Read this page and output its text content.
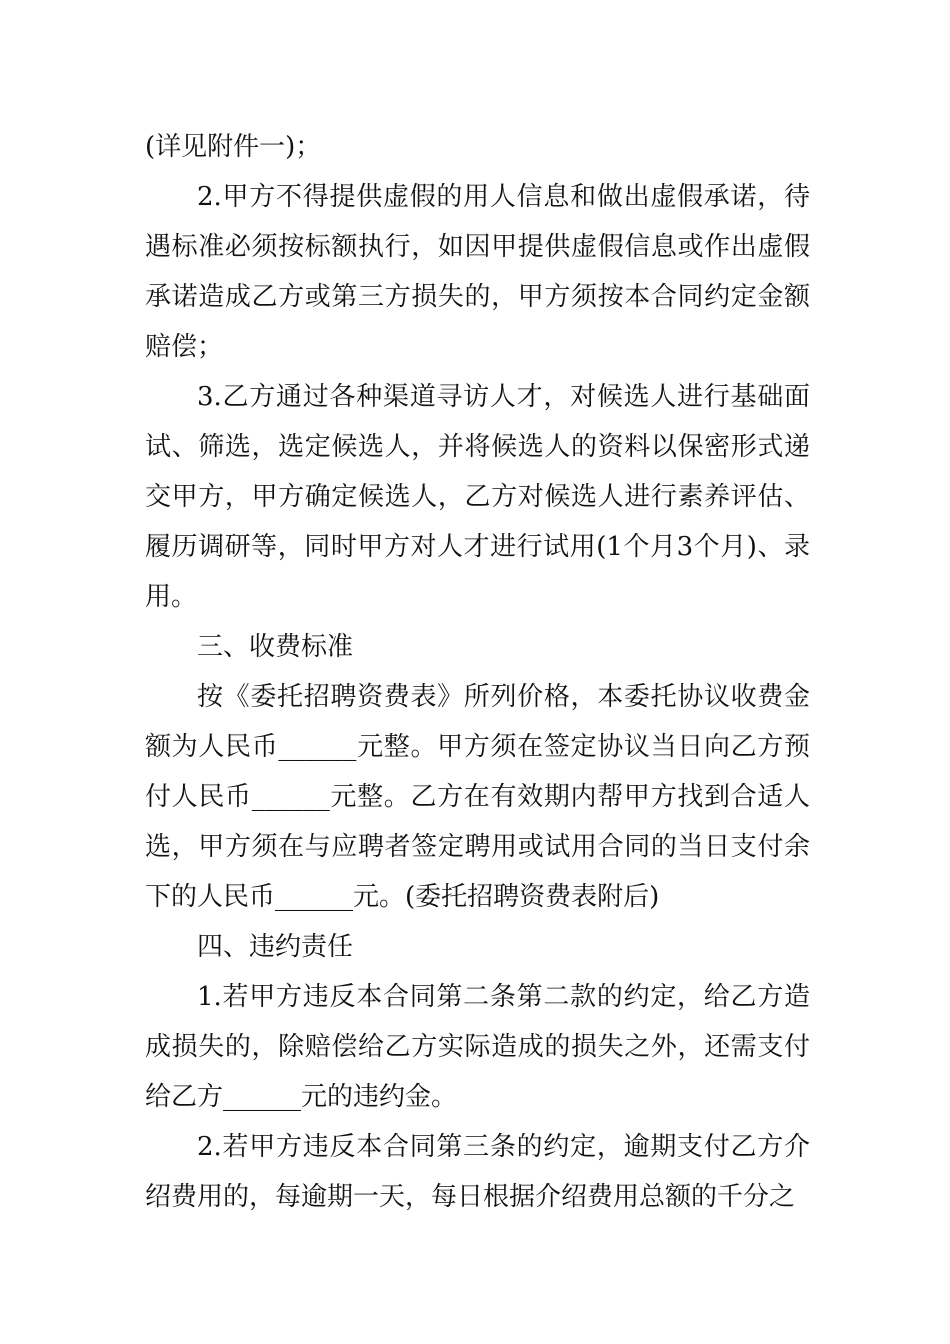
(详见附件一)；

2.甲方不得提供虚假的用人信息和做出虚假承诺，待遇标准必须按标额执行，如因甲提供虚假信息或作出虚假承诺造成乙方或第三方损失的，甲方须按本合同约定金额赔偿；

3.乙方通过各种渠道寻访人才，对候选人进行基础面试、筛选，选定候选人，并将候选人的资料以保密形式递交甲方，甲方确定候选人，乙方对候选人进行素养评估、履历调研等，同时甲方对人才进行试用(1个月3个月)、录用。

三、收费标准

按《委托招聘资费表》所列价格，本委托协议收费金额为人民币______元整。甲方须在签定协议当日向乙方预付人民币______元整。乙方在有效期内帮甲方找到合适人选，甲方须在与应聘者签定聘用或试用合同的当日支付余下的人民币______元。(委托招聘资费表附后)

四、违约责任

1.若甲方违反本合同第二条第二款的约定，给乙方造成损失的，除赔偿给乙方实际造成的损失之外，还需支付给乙方______元的违约金。

2.若甲方违反本合同第三条的约定，逾期支付乙方介绍费用的，每逾期一天，每日根据介绍费用总额的千分之
